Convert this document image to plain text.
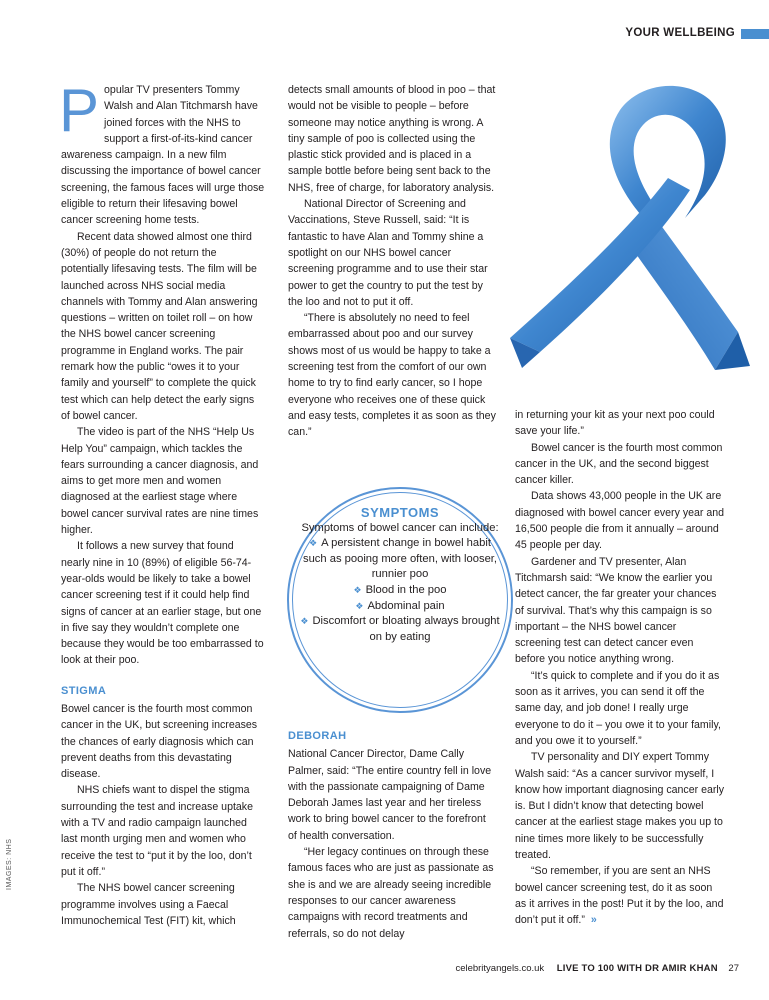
YOUR WELLBEING

Popular TV presenters Tommy Walsh and Alan Titchmarsh have joined forces with the NHS to support a first-of-its-kind cancer awareness campaign. In a new film discussing the importance of bowel cancer screening, the famous faces will urge those eligible to return their lifesaving bowel cancer screening home tests.

Recent data showed almost one third (30%) of people do not return the potentially lifesaving tests. The film will be launched across NHS social media channels with Tommy and Alan answering questions – written on toilet roll – on how the NHS bowel cancer screening programme in England works. The pair remark how the public “owes it to your family and yourself” to complete the quick test which can help detect the early signs of bowel cancer.

The video is part of the NHS “Help Us Help You” campaign, which tackles the fears surrounding a cancer diagnosis, and aims to get more men and women diagnosed at the earliest stage where bowel cancer survival rates are nine times higher.

It follows a new survey that found nearly nine in 10 (89%) of eligible 56-74-year-olds would be likely to take a bowel cancer screening test if it could help find signs of cancer at an earlier stage, but one in five say they wouldn’t complete one because they would be too embarrassed to look at their poo.

STIGMA

Bowel cancer is the fourth most common cancer in the UK, but screening increases the chances of early diagnosis which can prevent deaths from this devastating disease.

NHS chiefs want to dispel the stigma surrounding the test and increase uptake with a TV and radio campaign launched last month urging men and women who receive the test to “put it by the loo, don’t put it off.”

The NHS bowel cancer screening programme involves using a Faecal Immunochemical Test (FIT) kit, which

detects small amounts of blood in poo – that would not be visible to people – before someone may notice anything is wrong. A tiny sample of poo is collected using the plastic stick provided and is placed in a sample bottle before being sent back to the NHS, free of charge, for laboratory analysis.

National Director of Screening and Vaccinations, Steve Russell, said: “It is fantastic to have Alan and Tommy shine a spotlight on our NHS bowel cancer screening programme and to use their star power to get the country to put the test by the loo and not to put it off.

“There is absolutely no need to feel embarrassed about poo and our survey shows most of us would be happy to take a screening test from the comfort of our own home to try to find early cancer, so I hope everyone who receives one of these quick and easy tests, completes it as soon as they can.”

SYMPTOMS
Symptoms of bowel cancer can include:
❖ A persistent change in bowel habit such as pooing more often, with looser, runnier poo
❖ Blood in the poo
❖ Abdominal pain
❖ Discomfort or bloating always brought on by eating
DEBORAH

National Cancer Director, Dame Cally Palmer, said: “The entire country fell in love with the passionate campaigning of Dame Deborah James last year and her tireless work to bring bowel cancer to the forefront of health conversation.

“Her legacy continues on through these famous faces who are just as passionate as she is and we are already seeing incredible responses to our cancer awareness campaigns with record treatments and referrals, so do not delay

in returning your kit as your next poo could save your life.”

Bowel cancer is the fourth most common cancer in the UK, and the second biggest cancer killer.

Data shows 43,000 people in the UK are diagnosed with bowel cancer every year and 16,500 people die from it annually – around 45 people per day.

Gardener and TV presenter, Alan Titchmarsh said: “We know the earlier you detect cancer, the far greater your chances of survival. That’s why this campaign is so important – the NHS bowel cancer screening test can detect cancer even before you notice anything wrong.

“It’s quick to complete and if you do it as soon as it arrives, you can send it off the same day, and job done! I really urge everyone to do it – you owe it to your family, and you owe it to yourself.”

TV personality and DIY expert Tommy Walsh said: “As a cancer survivor myself, I know how important diagnosing cancer early is. But I didn’t know that detecting bowel cancer at the earliest stage makes you up to nine times more likely to be successfully treated.

“So remember, if you are sent an NHS bowel cancer screening test, do it as soon as it arrives in the post! Put it by the loo, and don’t put it off.” »

IMAGES: NHS
celebrityangels.co.uk LIVE TO 100 WITH DR AMIR KHAN 27
